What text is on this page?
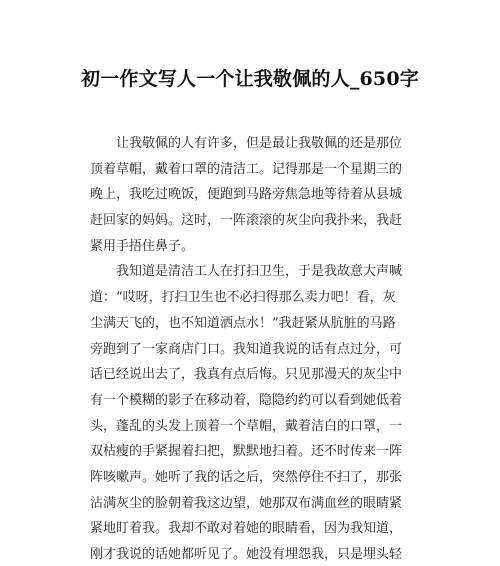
初一作文写人一个让我敬佩的人_650字
让我敬佩的人有许多，但是最让我敬佩的还是那位
顶着草帽，戴着口罩的清洁工。记得那是一个星期三的
晚上，我吃过晚饭，便跑到马路旁焦急地等待着从县城
赶回家的妈妈。这时，一阵滚滚的灰尘向我扑来，我赶
紧用手捂住鼻子。
我知道是清洁工人在打扫卫生，于是我故意大声喊
道：“哎呀，打扫卫生也不必扫得那么卖力吧！看，灰
尘满天飞的，也不知道洒点水！”我赶紧从肮脏的马路
旁跑到了一家商店门口。我知道我说的话有点过分，可
话已经说出去了，我真有点后悔。只见那漫天的灰尘中
有一个模糊的影子在移动着，隐隐约约可以看到她低着
头，蓬乱的头发上顶着一个草帽，戴着洁白的口罩，一
双枯瘦的手紧握着扫把，默默地扫着。还不时传来一阵
阵咳嗽声。她听了我的话之后，突然停住不扫了，那张
沾满灰尘的脸朝着我这边望，她那双布满血丝的眼睛紧
紧地盯着我。我却不敢对着她的眼睛看，因为我知道，
刚才我说的话她都听见了。她没有埋怨我，只是埋头轻
